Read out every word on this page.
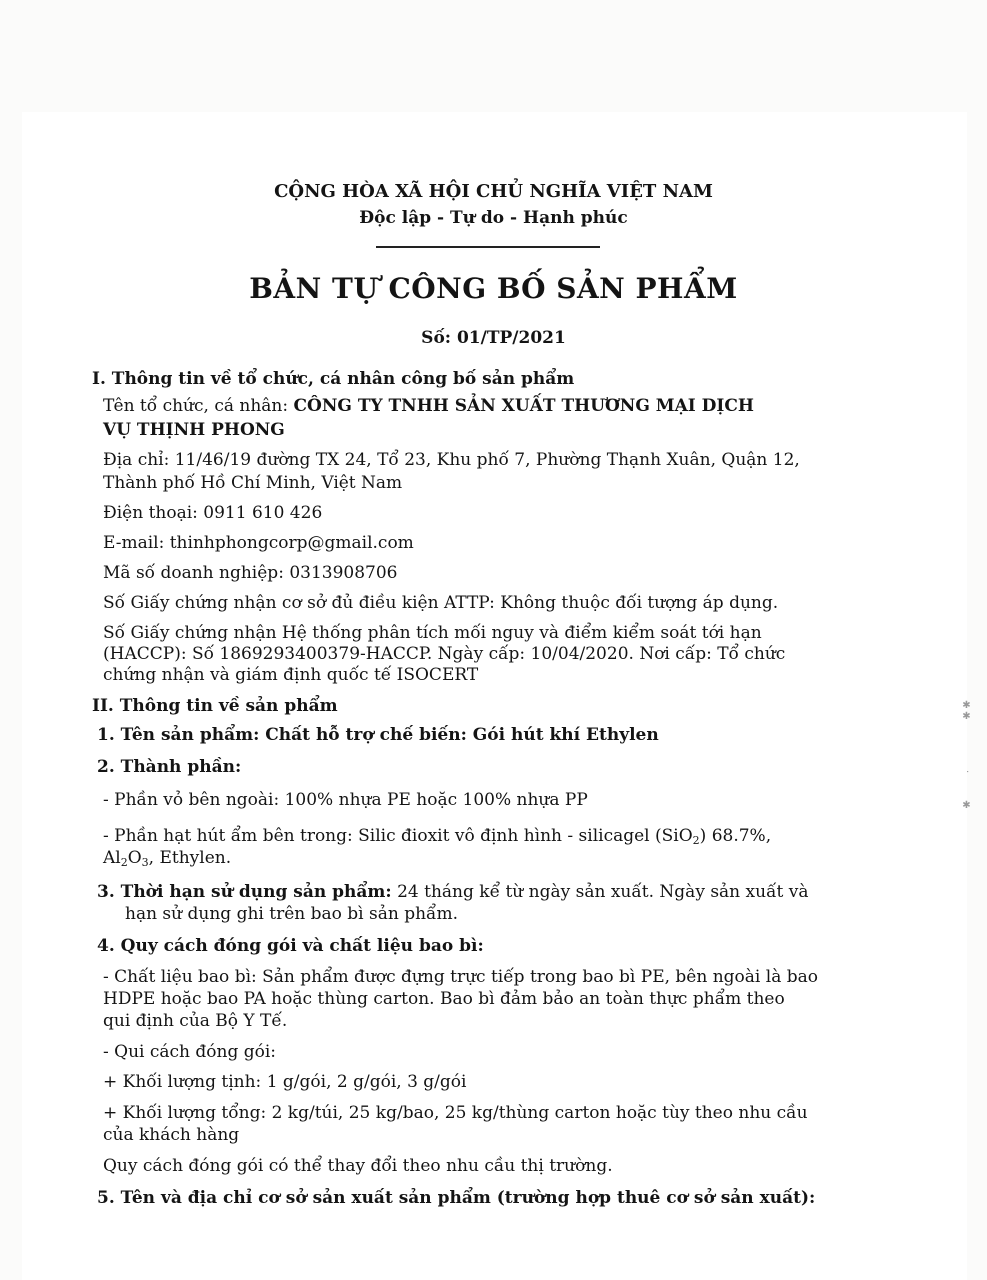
CỘNG HÒA XÃ HỘI CHỦ NGHĨA VIỆT NAM
Độc lập - Tự do - Hạnh phúc
BẢN TỰ CÔNG BỐ SẢN PHẨM
Số: 01/TP/2021
I. Thông tin về tổ chức, cá nhân công bố sản phẩm
Tên tổ chức, cá nhân: CÔNG TY TNHH SẢN XUẤT THƯƠNG MẠI DỊCH
VỤ THỊNH PHONG
Địa chỉ: 11/46/19 đường TX 24, Tổ 23, Khu phố 7, Phường Thạnh Xuân, Quận 12,
Thành phố Hồ Chí Minh, Việt Nam
Điện thoại: 0911 610 426
E-mail: thinhphongcorp@gmail.com
Mã số doanh nghiệp: 0313908706
Số Giấy chứng nhận cơ sở đủ điều kiện ATTP: Không thuộc đối tượng áp dụng.
Số Giấy chứng nhận Hệ thống phân tích mối nguy và điểm kiểm soát tới hạn
(HACCP): Số 1869293400379-HACCP. Ngày cấp: 10/04/2020. Nơi cấp: Tổ chức
chứng nhận và giám định quốc tế ISOCERT
II. Thông tin về sản phẩm
1. Tên sản phẩm: Chất hỗ trợ chế biến: Gói hút khí Ethylen
2. Thành phần:
- Phần vỏ bên ngoài: 100% nhựa PE hoặc 100% nhựa PP
- Phần hạt hút ẩm bên trong: Silic đioxit vô định hình - silicagel (SiO$_2$) 68.7%,
$Al_2O_3$, Ethylen.
3. Thời hạn sử dụng sản phẩm: 24 tháng kể từ ngày sản xuất. Ngày sản xuất và
hạn sử dụng ghi trên bao bì sản phẩm.
4. Quy cách đóng gói và chất liệu bao bì:
- Chất liệu bao bì: Sản phẩm được đựng trực tiếp trong bao bì PE, bên ngoài là bao
HDPE hoặc bao PA hoặc thùng carton. Bao bì đảm bảo an toàn thực phẩm theo
qui định của Bộ Y Tế.
- Qui cách đóng gói:
+ Khối lượng tịnh: 1 g/gói, 2 g/gói, 3 g/gói
+ Khối lượng tổng: 2 kg/túi, 25 kg/bao, 25 kg/thùng carton hoặc tùy theo nhu cầu
của khách hàng
Quy cách đóng gói có thể thay đổi theo nhu cầu thị trường.
5. Tên và địa chỉ cơ sở sản xuất sản phẩm (trường hợp thuê cơ sở sản xuất):
✱✱
·
✱
